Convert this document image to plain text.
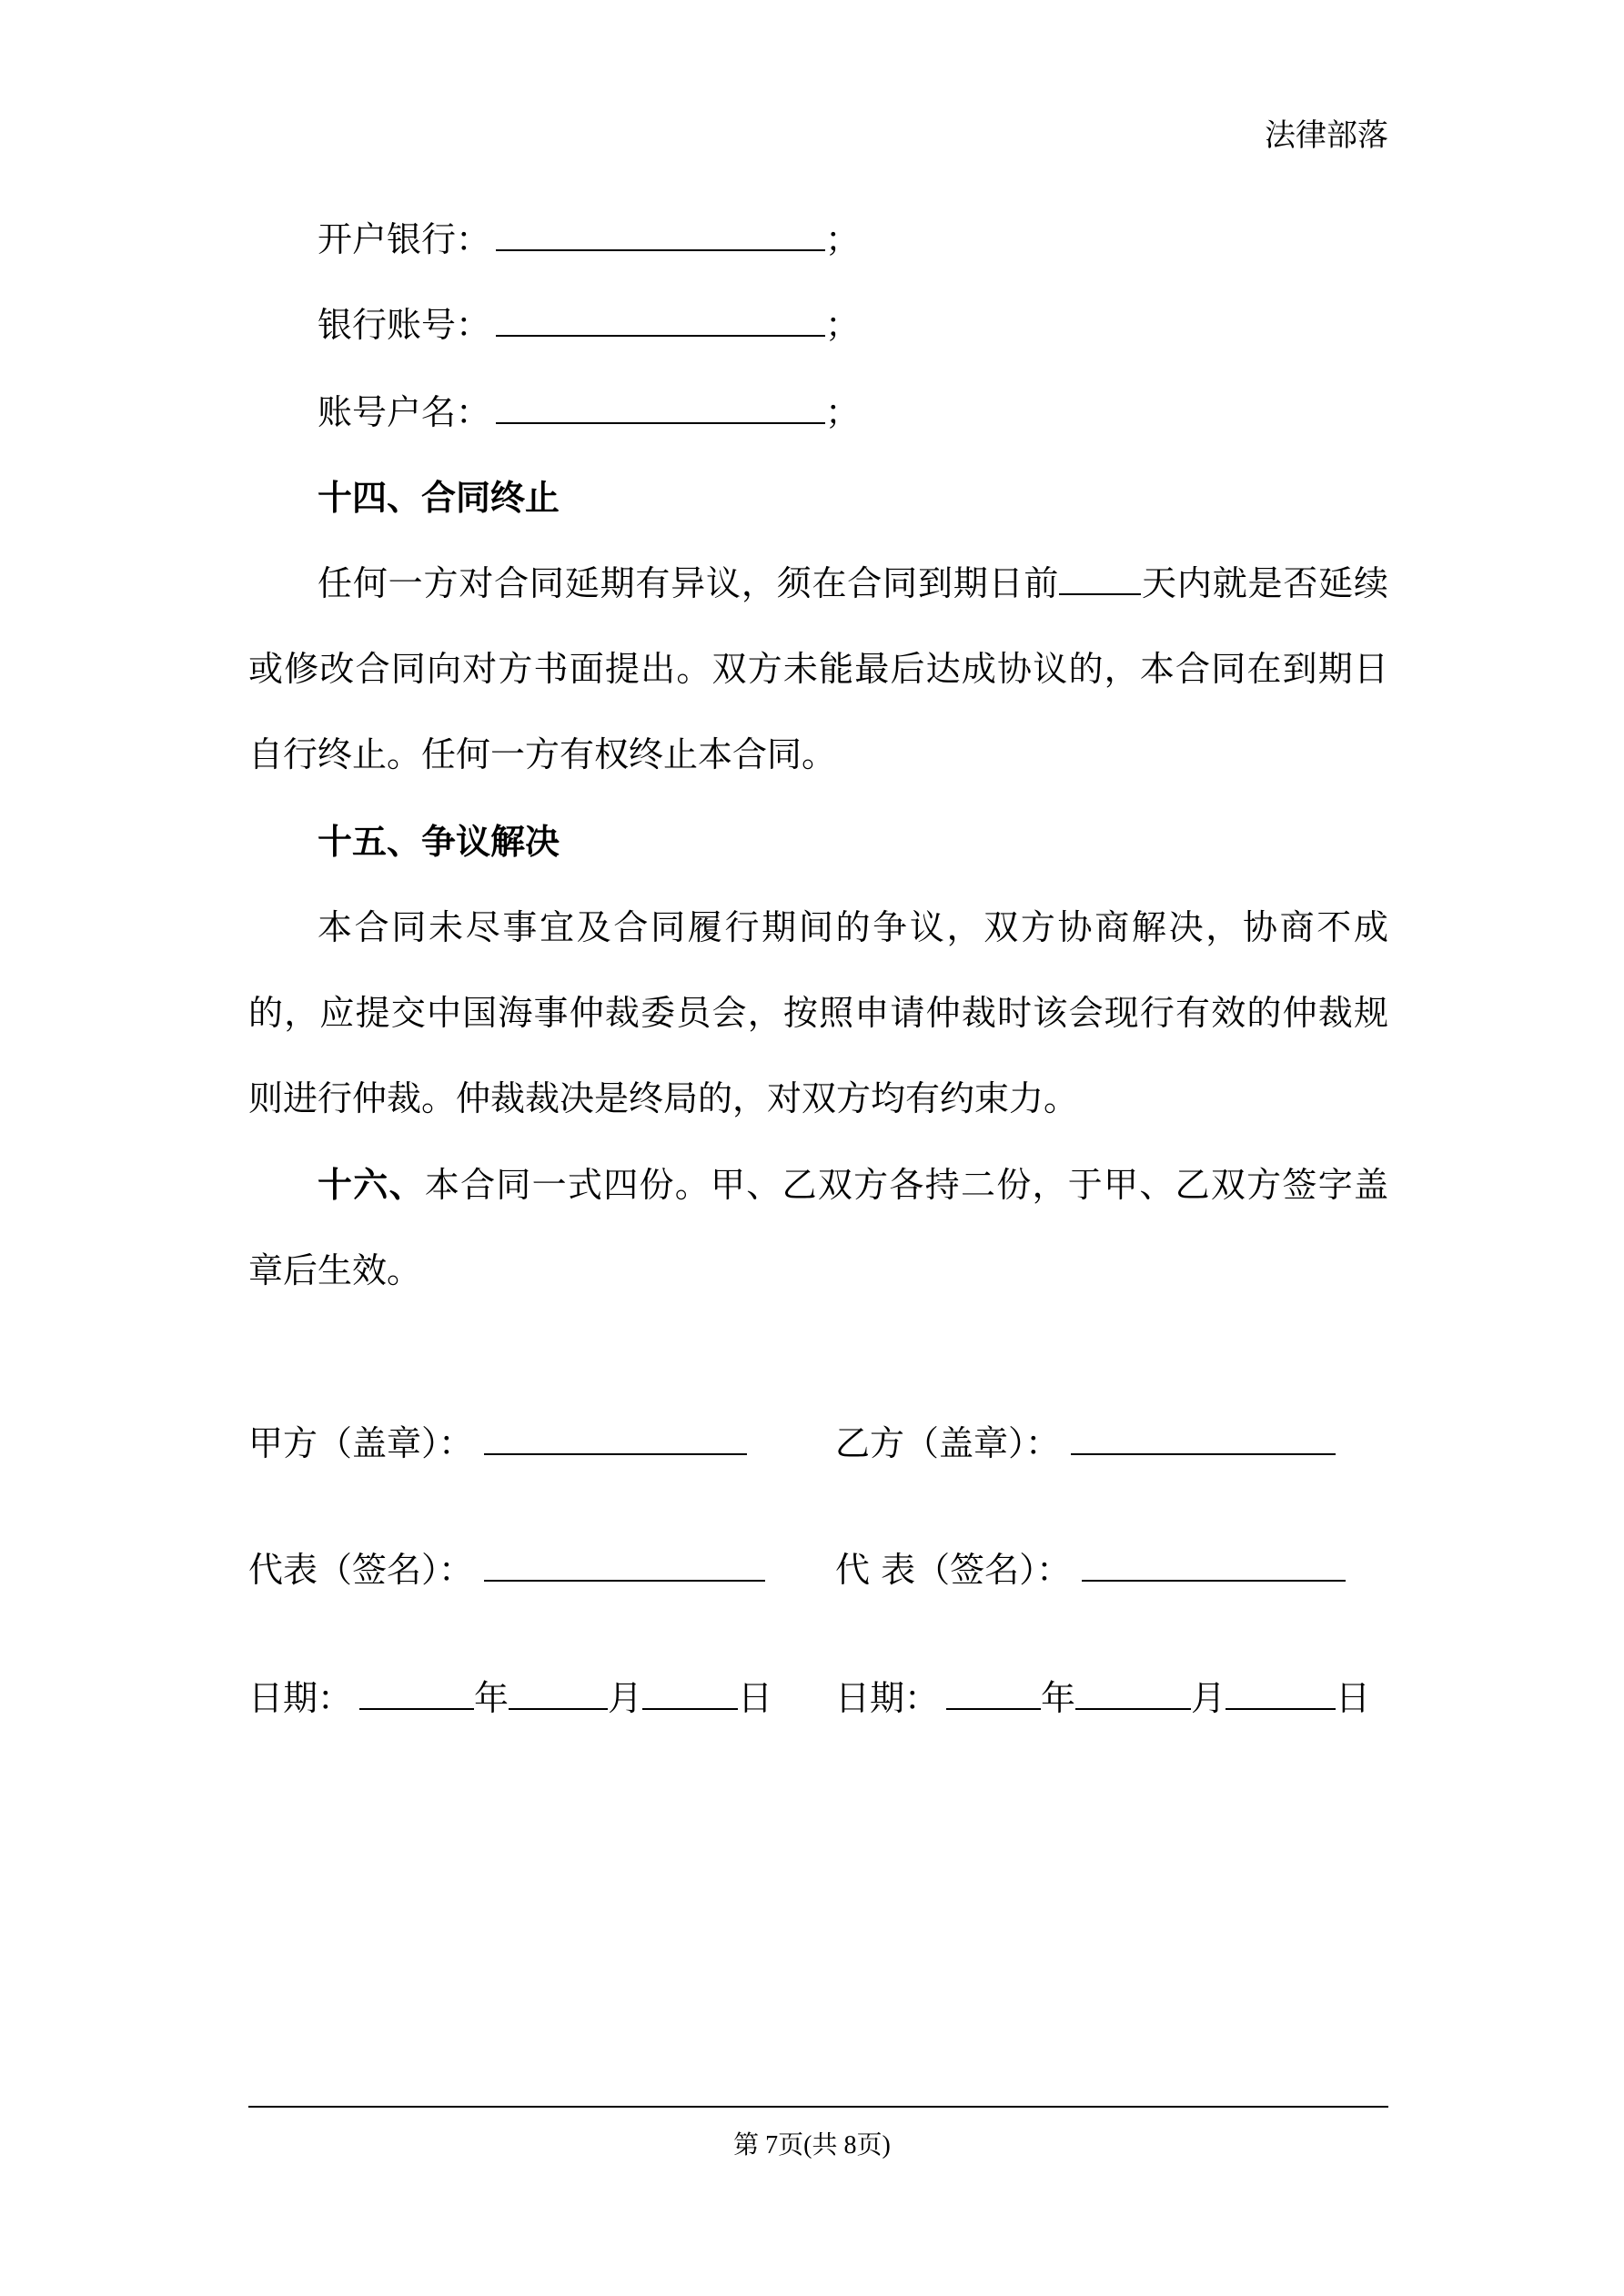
法律部落
开户银行：	；
银行账号：	；
账号户名：	；
十四、合同终止
任何一方对合同延期有异议，须在合同到期日前 天内就是否延续或修改合同向对方书面提出。双方未能最后达成协议的，本合同在到期日自行终止。任何一方有权终止本合同。
十五、争议解决
本合同未尽事宜及合同履行期间的争议，双方协商解决，协商不成的，应提交中国海事仲裁委员会，按照申请仲裁时该会现行有效的仲裁规则进行仲裁。仲裁裁决是终局的，对双方均有约束力。
十六、本合同一式四份。甲、乙双方各持二份，于甲、乙双方签字盖章后生效。
甲方（盖章）：	乙方（盖章）：
代表（签名）：	代 表（签名）：
日期：	年	月	日 日期：	年	月	日
第 7页(共 8页)
